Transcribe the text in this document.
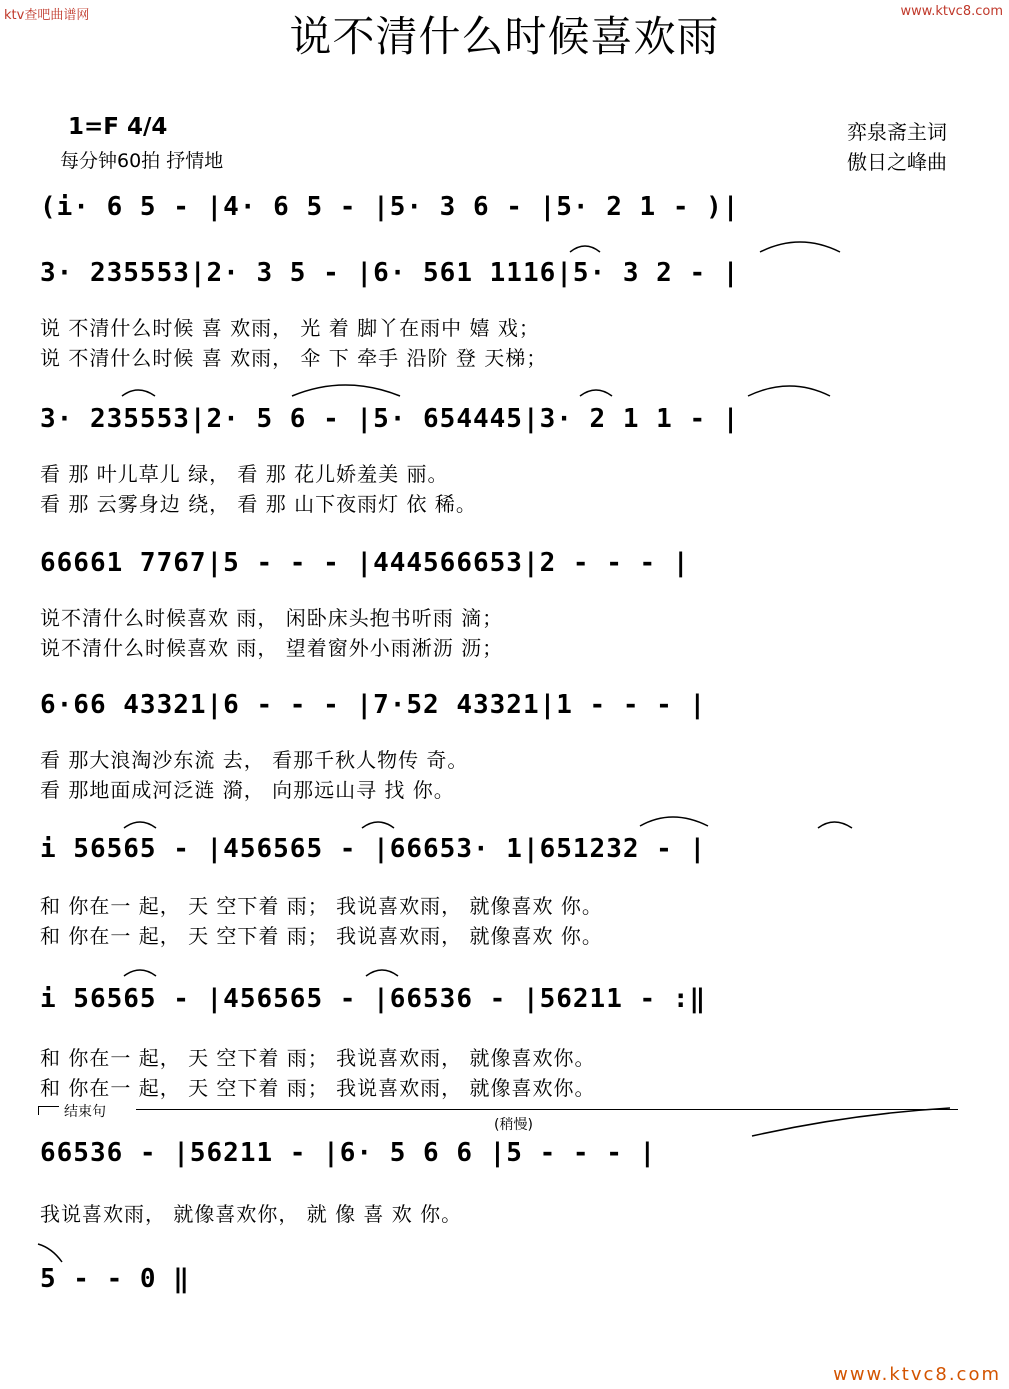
ktv查吧曲谱网	www.ktvc8.com
说不清什么时候喜欢雨
1=F 4/4
每分钟60拍 抒情地
弈泉斋主词
傲日之峰曲
(i· 6 5 - |4· 6 5 - |5· 3 6 - |5· 2 1 - )|
3· 235553|2· 3 5 - |6· 561 1116|5· 3 2 - |
说 不清什么时候 喜 欢雨， 光 着 脚丫在雨中 嬉 戏；
说 不清什么时候 喜 欢雨， 伞 下 牵手 沿阶 登 天梯；
3· 235553|2· 5 6 - |5· 654445|3· 2 1 1 - |
看 那 叶儿草儿 绿， 看 那 花儿娇羞美 丽。
看 那 云雾身边 绕， 看 那 山下夜雨灯 依 稀。
66661 7767|5 - - - |444566653|2 - - - |
说不清什么时候喜欢 雨， 闲卧床头抱书听雨 滴；
说不清什么时候喜欢 雨， 望着窗外小雨淅沥 沥；
6·66 43321|6 - - - |7·52 43321|1 - - - |
看 那大浪淘沙东流 去， 看那千秋人物传 奇。
看 那地面成河泛涟 漪， 向那远山寻 找 你。
i 56565 - |456565 - |66653· 1|651232 - |
和 你在一 起， 天 空下着 雨； 我说喜欢雨， 就像喜欢 你。
和 你在一 起， 天 空下着 雨； 我说喜欢雨， 就像喜欢 你。
i 56565 - |456565 - |66536 - |56211 - :‖
和 你在一 起， 天 空下着 雨； 我说喜欢雨， 就像喜欢你。
和 你在一 起， 天 空下着 雨； 我说喜欢雨， 就像喜欢你。
结束句
(稍慢)
66536 - |56211 - |6· 5 6 6 |5 - - - |
我说喜欢雨， 就像喜欢你， 就 像 喜 欢 你。
5 - - 0 ‖
www.ktvc8.com
